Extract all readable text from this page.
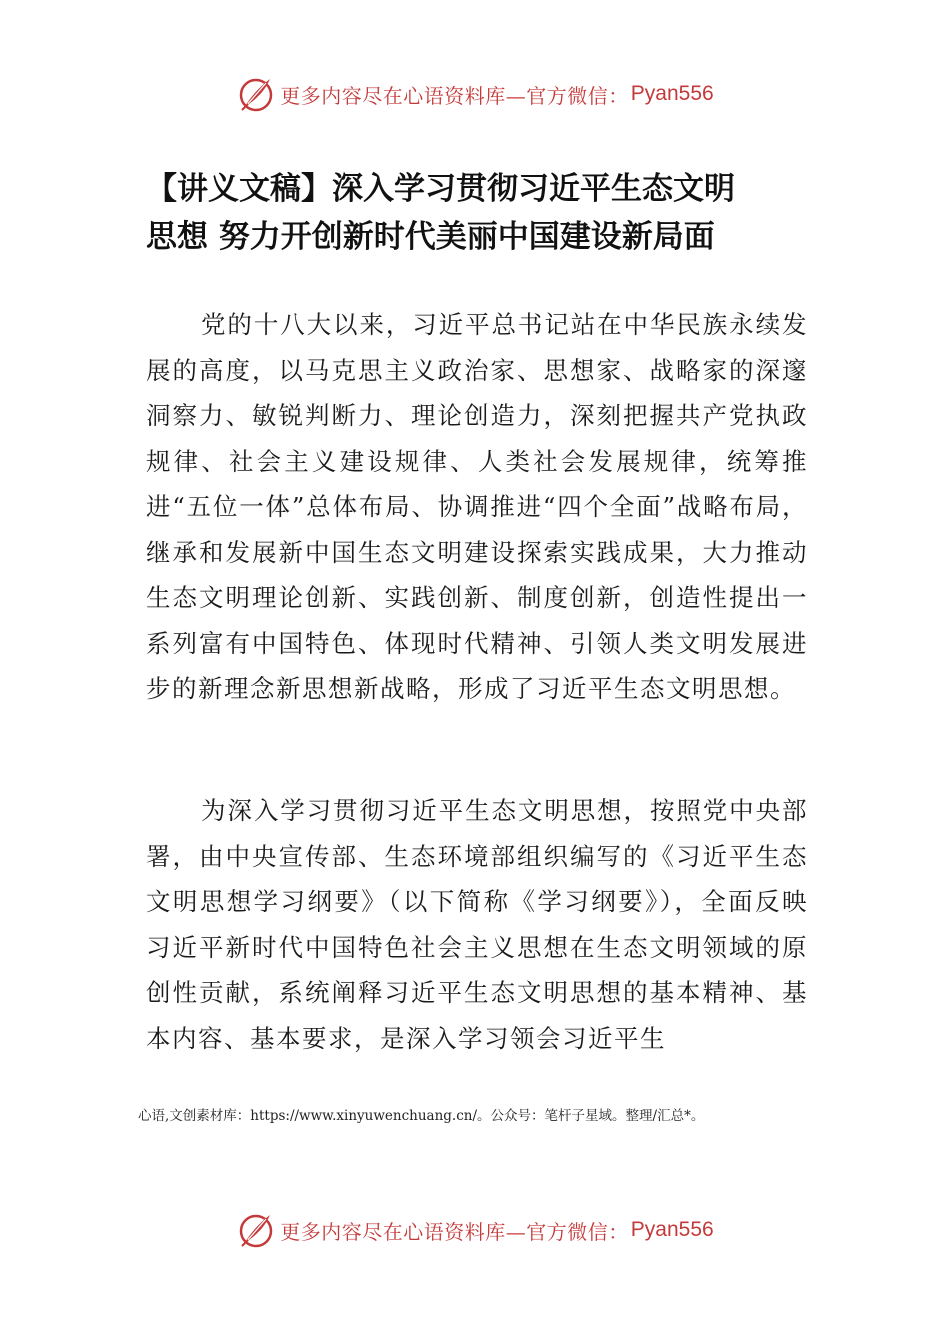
更多内容尽在心语资料库—官方微信： Pyan556
【讲义文稿】深入学习贯彻习近平生态文明
思想 努力开创新时代美丽中国建设新局面

党的十八大以来，习近平总书记站在中华民族永续发展的高度，以马克思主义政治家、思想家、战略家的深邃洞察力、敏锐判断力、理论创造力，深刻把握共产党执政规律、社会主义建设规律、人类社会发展规律，统筹推进“五位一体”总体布局、协调推进“四个全面”战略布局，继承和发展新中国生态文明建设探索实践成果，大力推动生态文明理论创新、实践创新、制度创新，创造性提出一系列富有中国特色、体现时代精神、引领人类文明发展进步的新理念新思想新战略，形成了习近平生态文明思想。

为深入学习贯彻习近平生态文明思想，按照党中央部署，由中央宣传部、生态环境部组织编写的《习近平生态文明思想学习纲要》（以下简称《学习纲要》），全面反映习近平新时代中国特色社会主义思想在生态文明领域的原创性贡献，系统阐释习近平生态文明思想的基本精神、基本内容、基本要求，是深入学习领会习近平生

心语,文创素材库：https://www.xinyuwenchuang.cn/。公众号：笔杆子星域。整理/汇总*。
更多内容尽在心语资料库—官方微信： Pyan556
